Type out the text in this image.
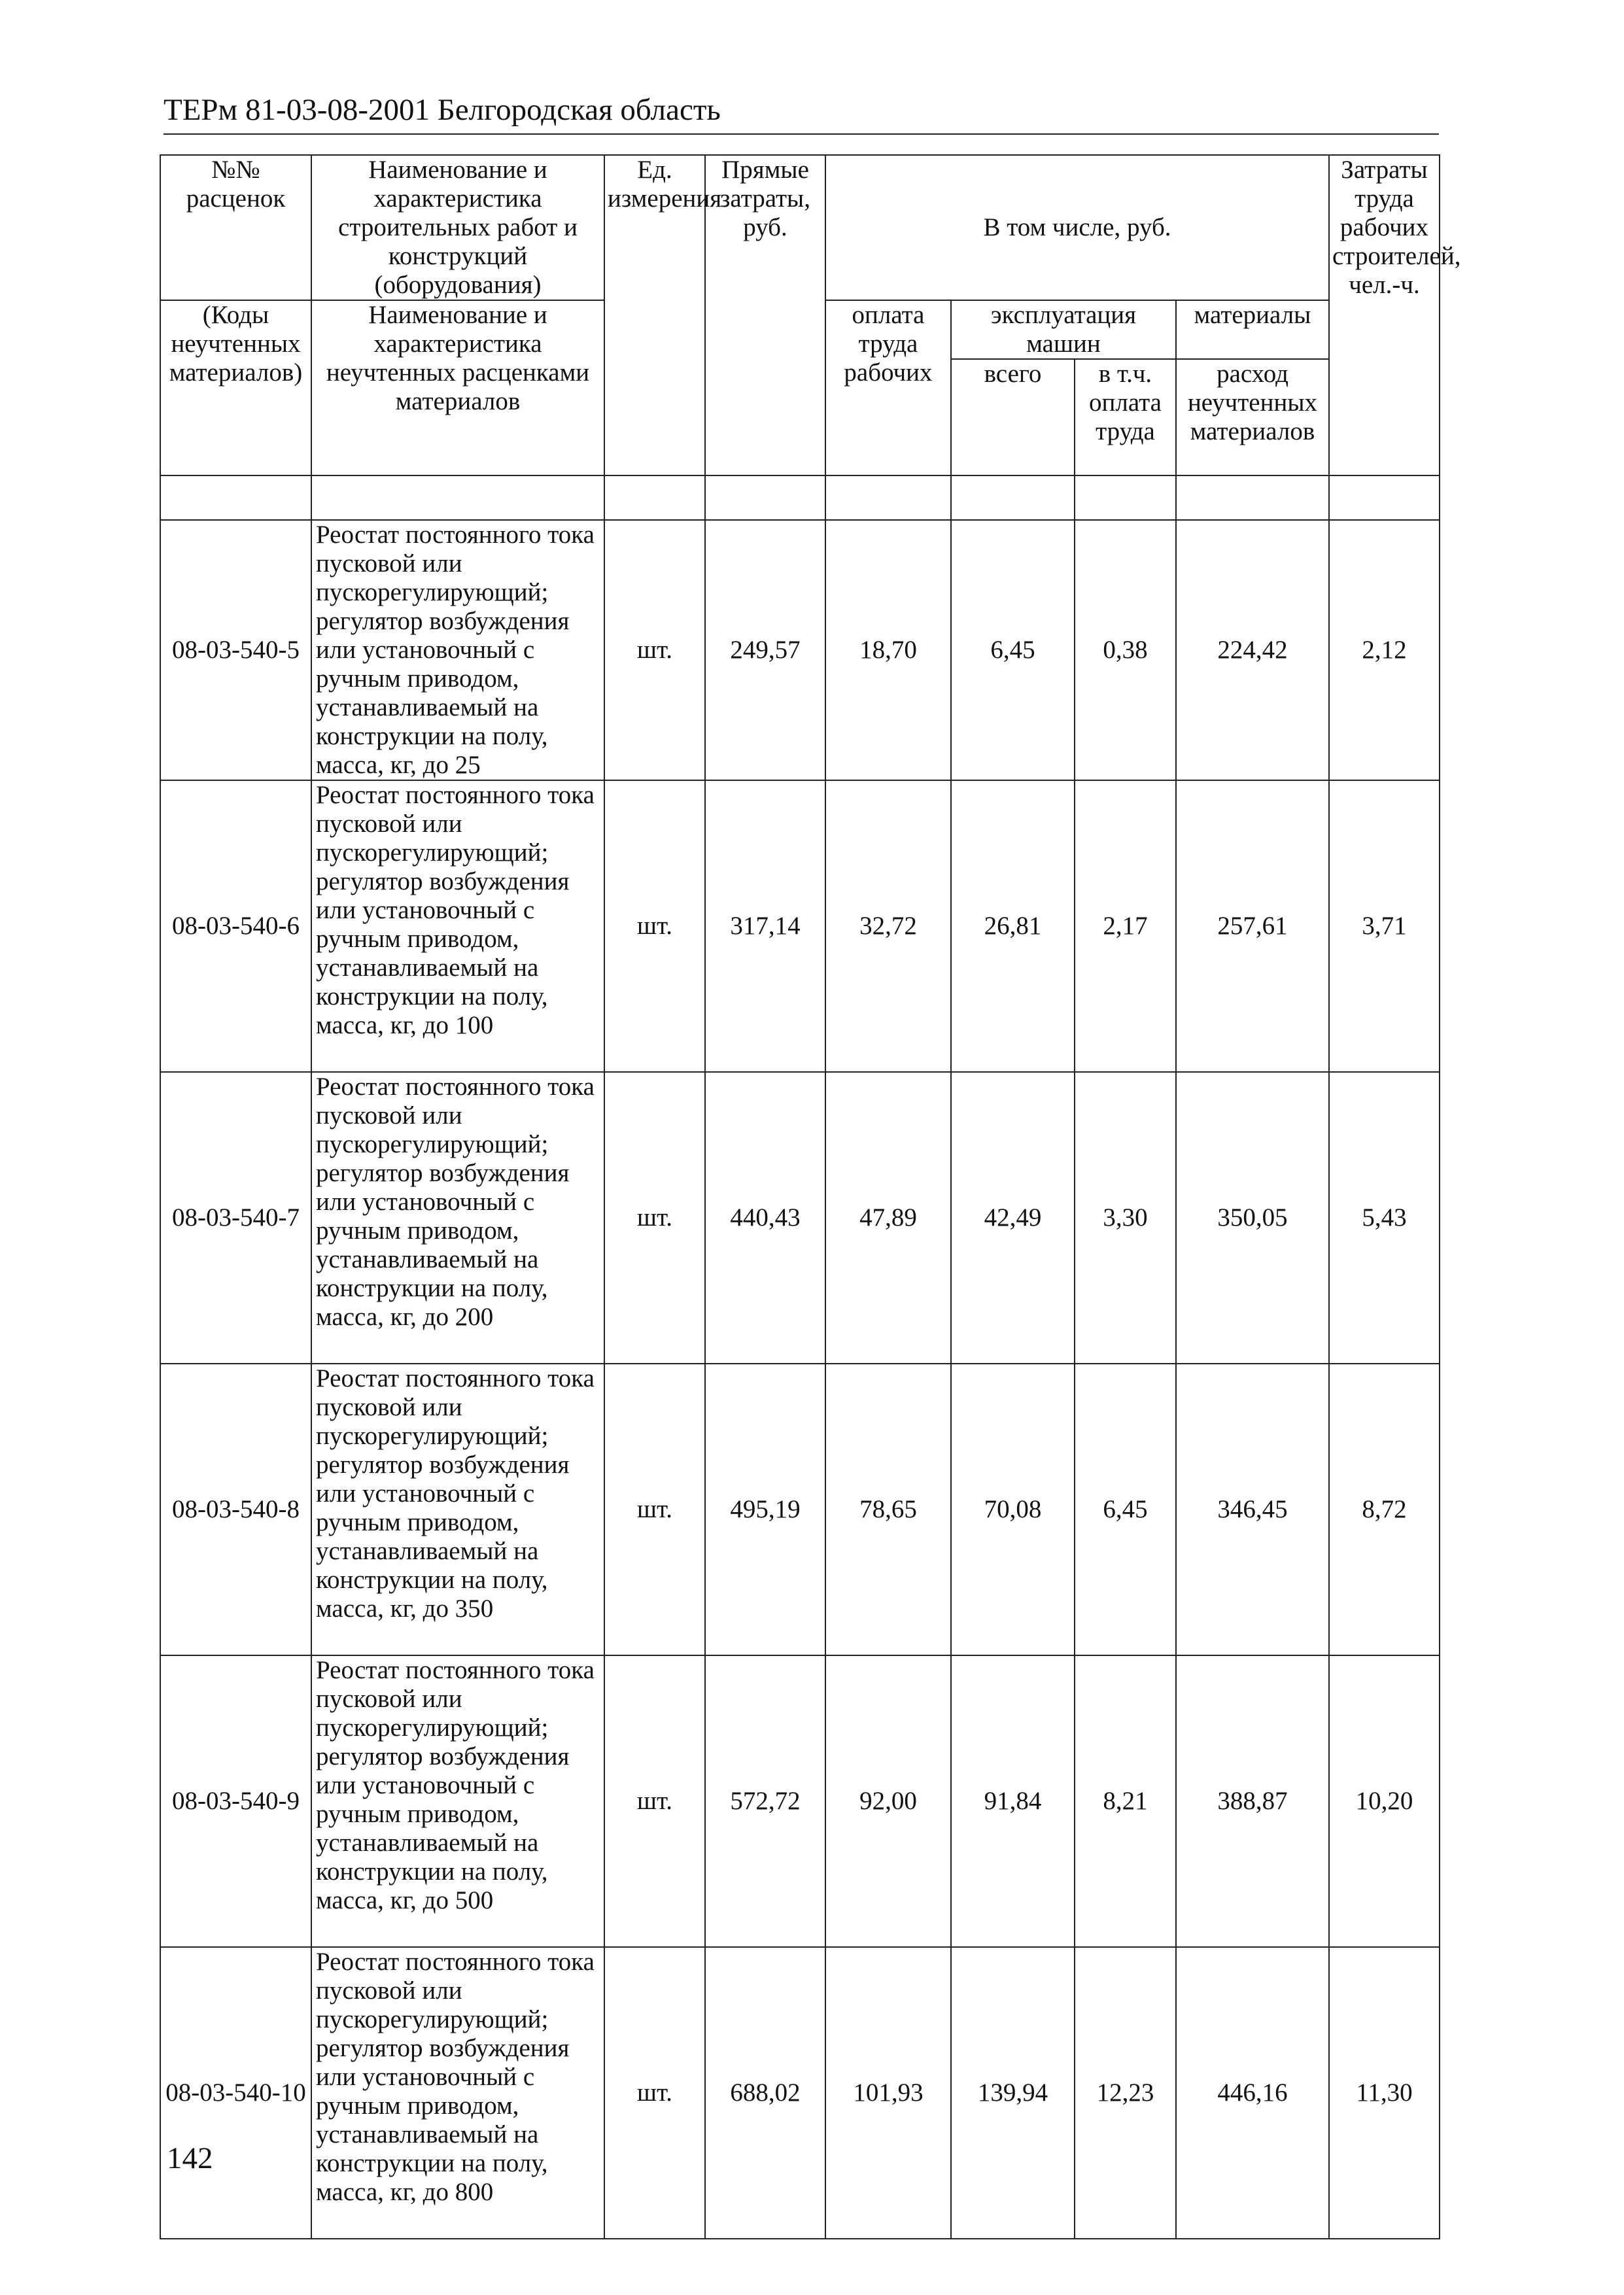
ТЕРм 81-03-08-2001 Белгородская область
№№ расценок	Наименование и характеристика строительных работ и конструкций (оборудования)	Ед. измерения	Прямые затраты, руб.	В том числе, руб.				Затраты труда рабочих строителей, чел.-ч.
(Коды неучтенных материалов)	Наименование и характеристика неучтенных расценками материалов			оплата труда рабочих	эксплуатация машин		материалы	
					всего	в т.ч. оплата труда	расход неучтенных материалов	

08-03-540-5	Реостат постоянного тока пусковой или пускорегулирующий; регулятор возбуждения или установочный с ручным приводом, устанавливаемый на конструкции на полу, масса, кг, до 25	шт.	249,57	18,70	6,45	0,38	224,42	2,12
08-03-540-6	Реостат постоянного тока пусковой или пускорегулирующий; регулятор возбуждения или установочный с ручным приводом, устанавливаемый на конструкции на полу, масса, кг, до 100	шт.	317,14	32,72	26,81	2,17	257,61	3,71
08-03-540-7	Реостат постоянного тока пусковой или пускорегулирующий; регулятор возбуждения или установочный с ручным приводом, устанавливаемый на конструкции на полу, масса, кг, до 200	шт.	440,43	47,89	42,49	3,30	350,05	5,43
08-03-540-8	Реостат постоянного тока пусковой или пускорегулирующий; регулятор возбуждения или установочный с ручным приводом, устанавливаемый на конструкции на полу, масса, кг, до 350	шт.	495,19	78,65	70,08	6,45	346,45	8,72
08-03-540-9	Реостат постоянного тока пусковой или пускорегулирующий; регулятор возбуждения или установочный с ручным приводом, устанавливаемый на конструкции на полу, масса, кг, до 500	шт.	572,72	92,00	91,84	8,21	388,87	10,20
08-03-540-10	Реостат постоянного тока пусковой или пускорегулирующий; регулятор возбуждения или установочный с ручным приводом, устанавливаемый на конструкции на полу, масса, кг, до 800	шт.	688,02	101,93	139,94	12,23	446,16	11,30
142
